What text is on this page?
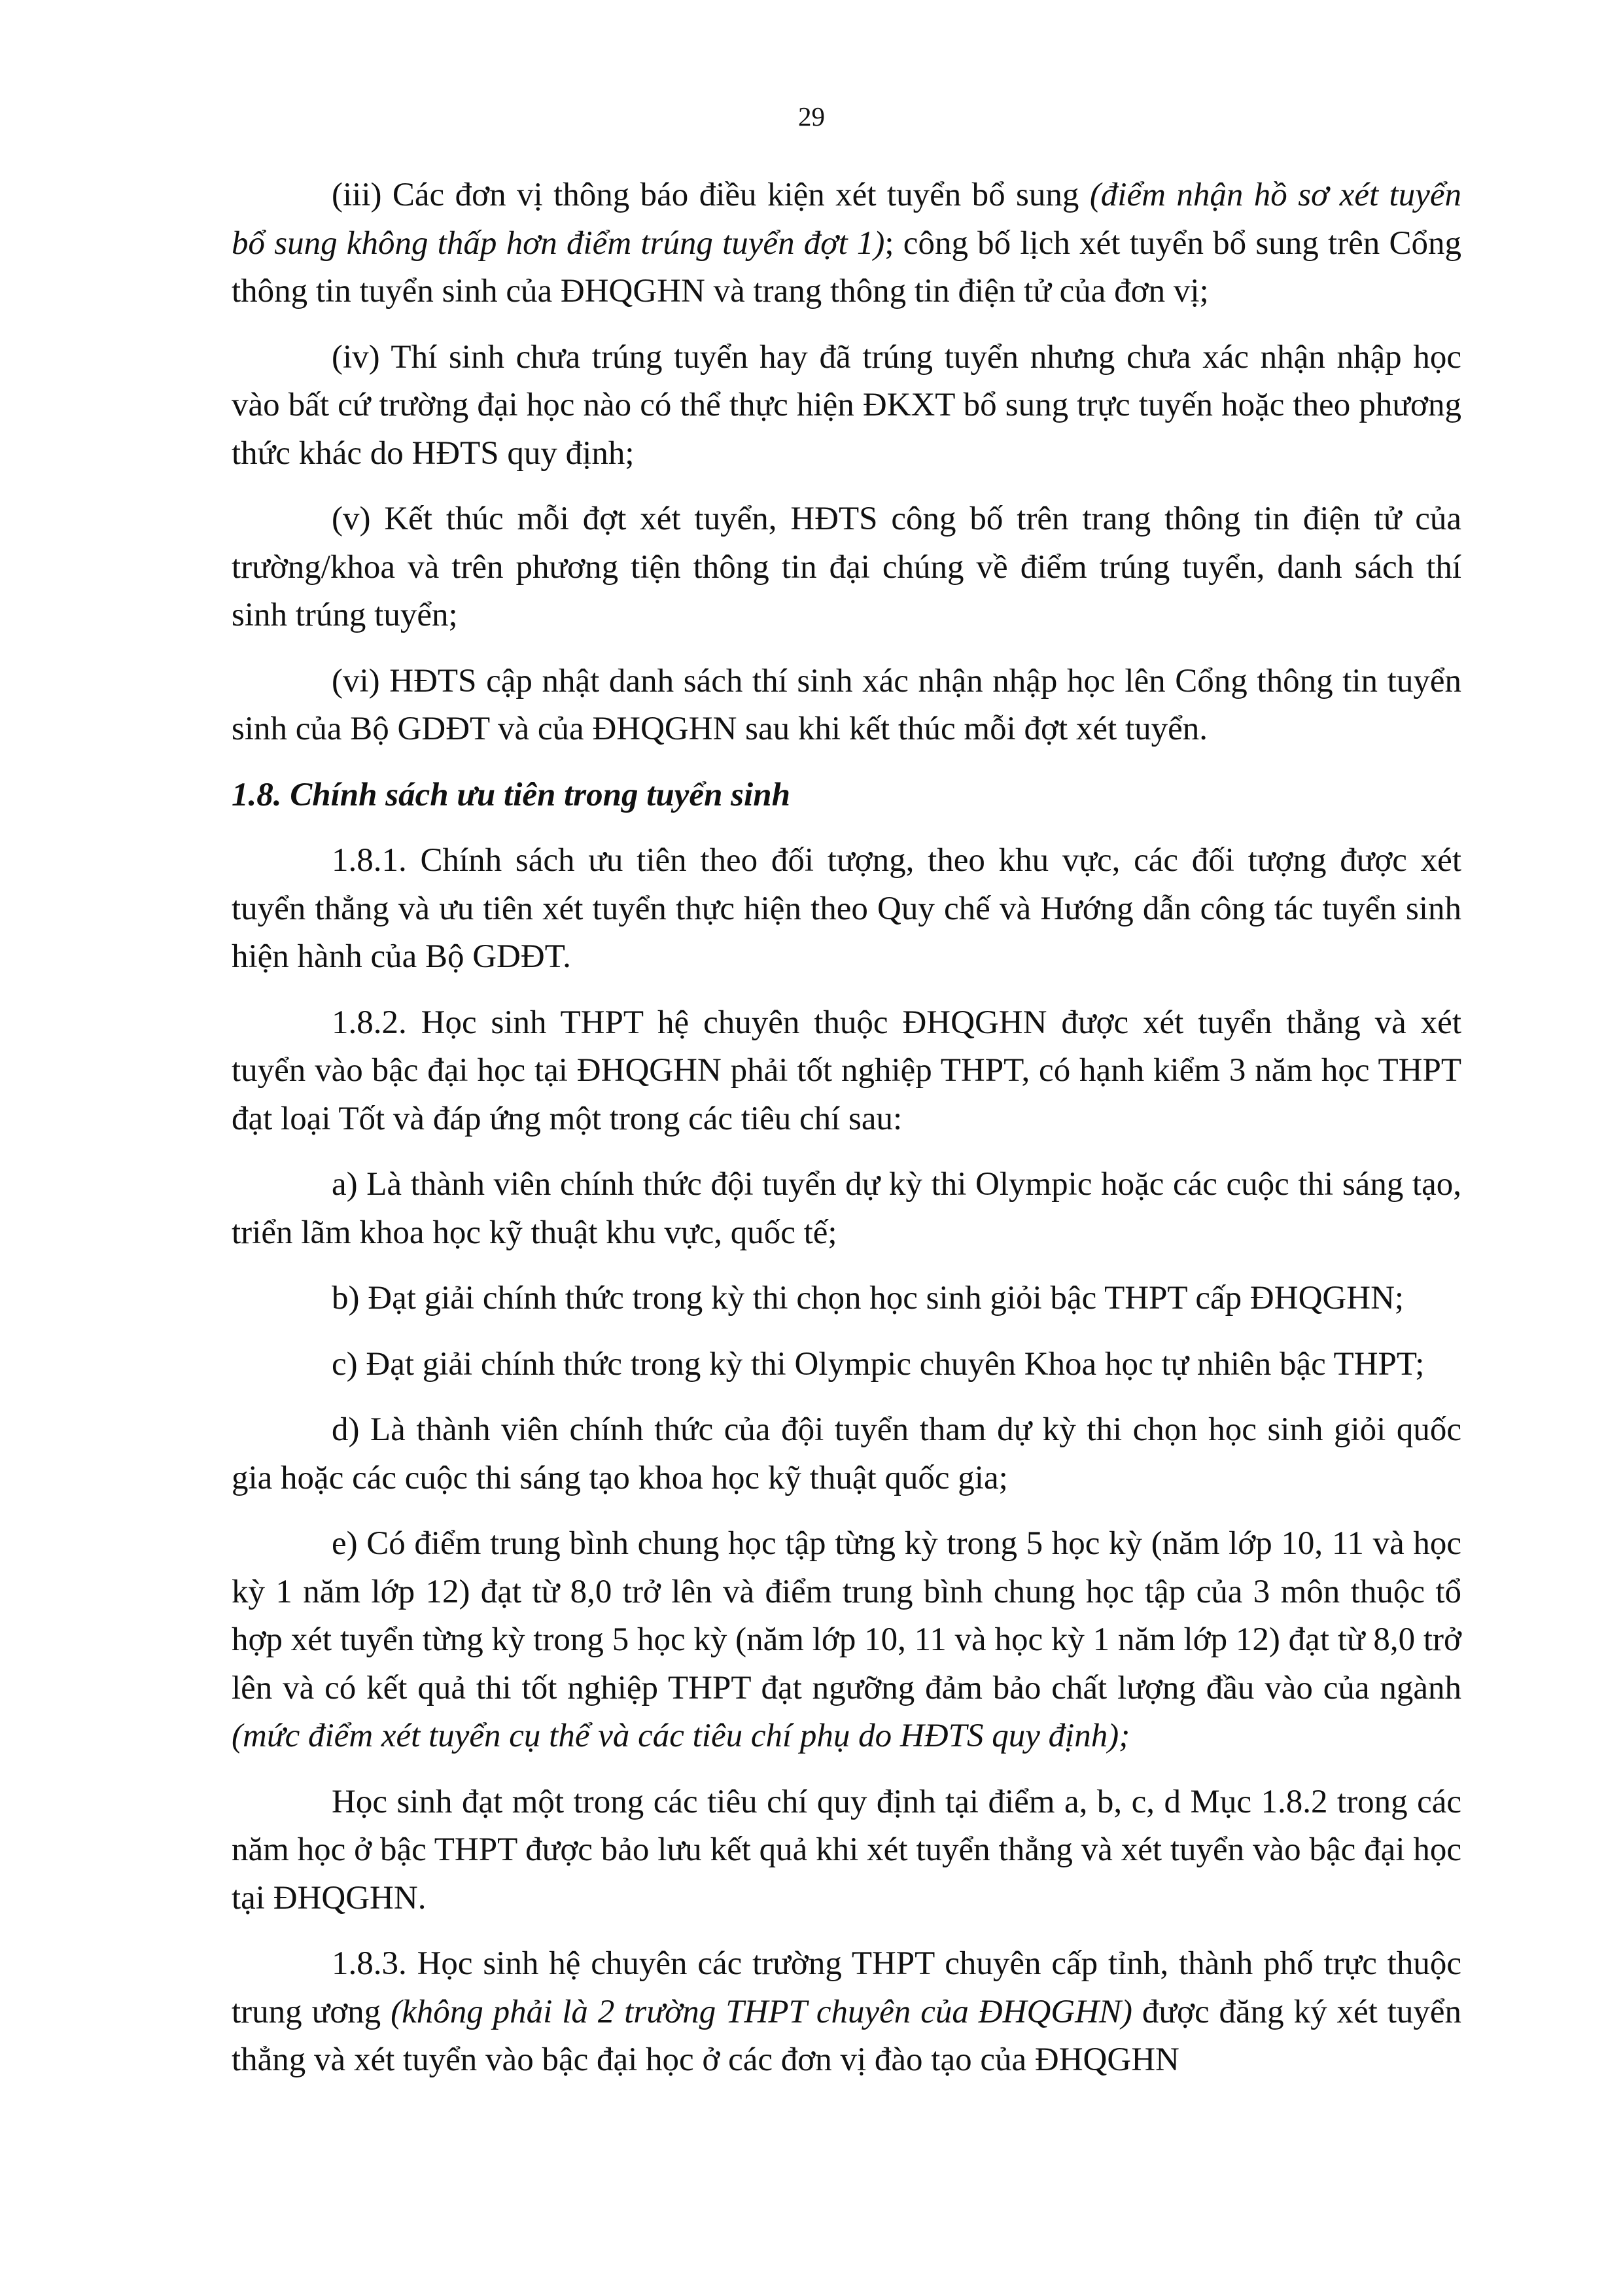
29

(iii) Các đơn vị thông báo điều kiện xét tuyển bổ sung (điểm nhận hồ sơ xét tuyển bổ sung không thấp hơn điểm trúng tuyển đợt 1); công bố lịch xét tuyển bổ sung trên Cổng thông tin tuyển sinh của ĐHQGHN và trang thông tin điện tử của đơn vị;

(iv) Thí sinh chưa trúng tuyển hay đã trúng tuyển nhưng chưa xác nhận nhập học vào bất cứ trường đại học nào có thể thực hiện ĐKXT bổ sung trực tuyến hoặc theo phương thức khác do HĐTS quy định;

(v) Kết thúc mỗi đợt xét tuyển, HĐTS công bố trên trang thông tin điện tử của trường/khoa và trên phương tiện thông tin đại chúng về điểm trúng tuyển, danh sách thí sinh trúng tuyển;

(vi) HĐTS cập nhật danh sách thí sinh xác nhận nhập học lên Cổng thông tin tuyển sinh của Bộ GDĐT và của ĐHQGHN sau khi kết thúc mỗi đợt xét tuyển.

1.8. Chính sách ưu tiên trong tuyển sinh

1.8.1. Chính sách ưu tiên theo đối tượng, theo khu vực, các đối tượng được xét tuyển thẳng và ưu tiên xét tuyển thực hiện theo Quy chế và Hướng dẫn công tác tuyển sinh hiện hành của Bộ GDĐT.

1.8.2. Học sinh THPT hệ chuyên thuộc ĐHQGHN được xét tuyển thẳng và xét tuyển vào bậc đại học tại ĐHQGHN phải tốt nghiệp THPT, có hạnh kiểm 3 năm học THPT đạt loại Tốt và đáp ứng một trong các tiêu chí sau:

a) Là thành viên chính thức đội tuyển dự kỳ thi Olympic hoặc các cuộc thi sáng tạo, triển lãm khoa học kỹ thuật khu vực, quốc tế;

b) Đạt giải chính thức trong kỳ thi chọn học sinh giỏi bậc THPT cấp ĐHQGHN;

c) Đạt giải chính thức trong kỳ thi Olympic chuyên Khoa học tự nhiên bậc THPT;

d) Là thành viên chính thức của đội tuyển tham dự kỳ thi chọn học sinh giỏi quốc gia hoặc các cuộc thi sáng tạo khoa học kỹ thuật quốc gia;

e) Có điểm trung bình chung học tập từng kỳ trong 5 học kỳ (năm lớp 10, 11 và học kỳ 1 năm lớp 12) đạt từ 8,0 trở lên và điểm trung bình chung học tập của 3 môn thuộc tổ hợp xét tuyển từng kỳ trong 5 học kỳ (năm lớp 10, 11 và học kỳ 1 năm lớp 12) đạt từ 8,0 trở lên và có kết quả thi tốt nghiệp THPT đạt ngưỡng đảm bảo chất lượng đầu vào của ngành (mức điểm xét tuyển cụ thể và các tiêu chí phụ do HĐTS quy định);

Học sinh đạt một trong các tiêu chí quy định tại điểm a, b, c, d Mục 1.8.2 trong các năm học ở bậc THPT được bảo lưu kết quả khi xét tuyển thẳng và xét tuyển vào bậc đại học tại ĐHQGHN.

1.8.3. Học sinh hệ chuyên các trường THPT chuyên cấp tỉnh, thành phố trực thuộc trung ương (không phải là 2 trường THPT chuyên của ĐHQGHN) được đăng ký xét tuyển thẳng và xét tuyển vào bậc đại học ở các đơn vị đào tạo của ĐHQGHN
